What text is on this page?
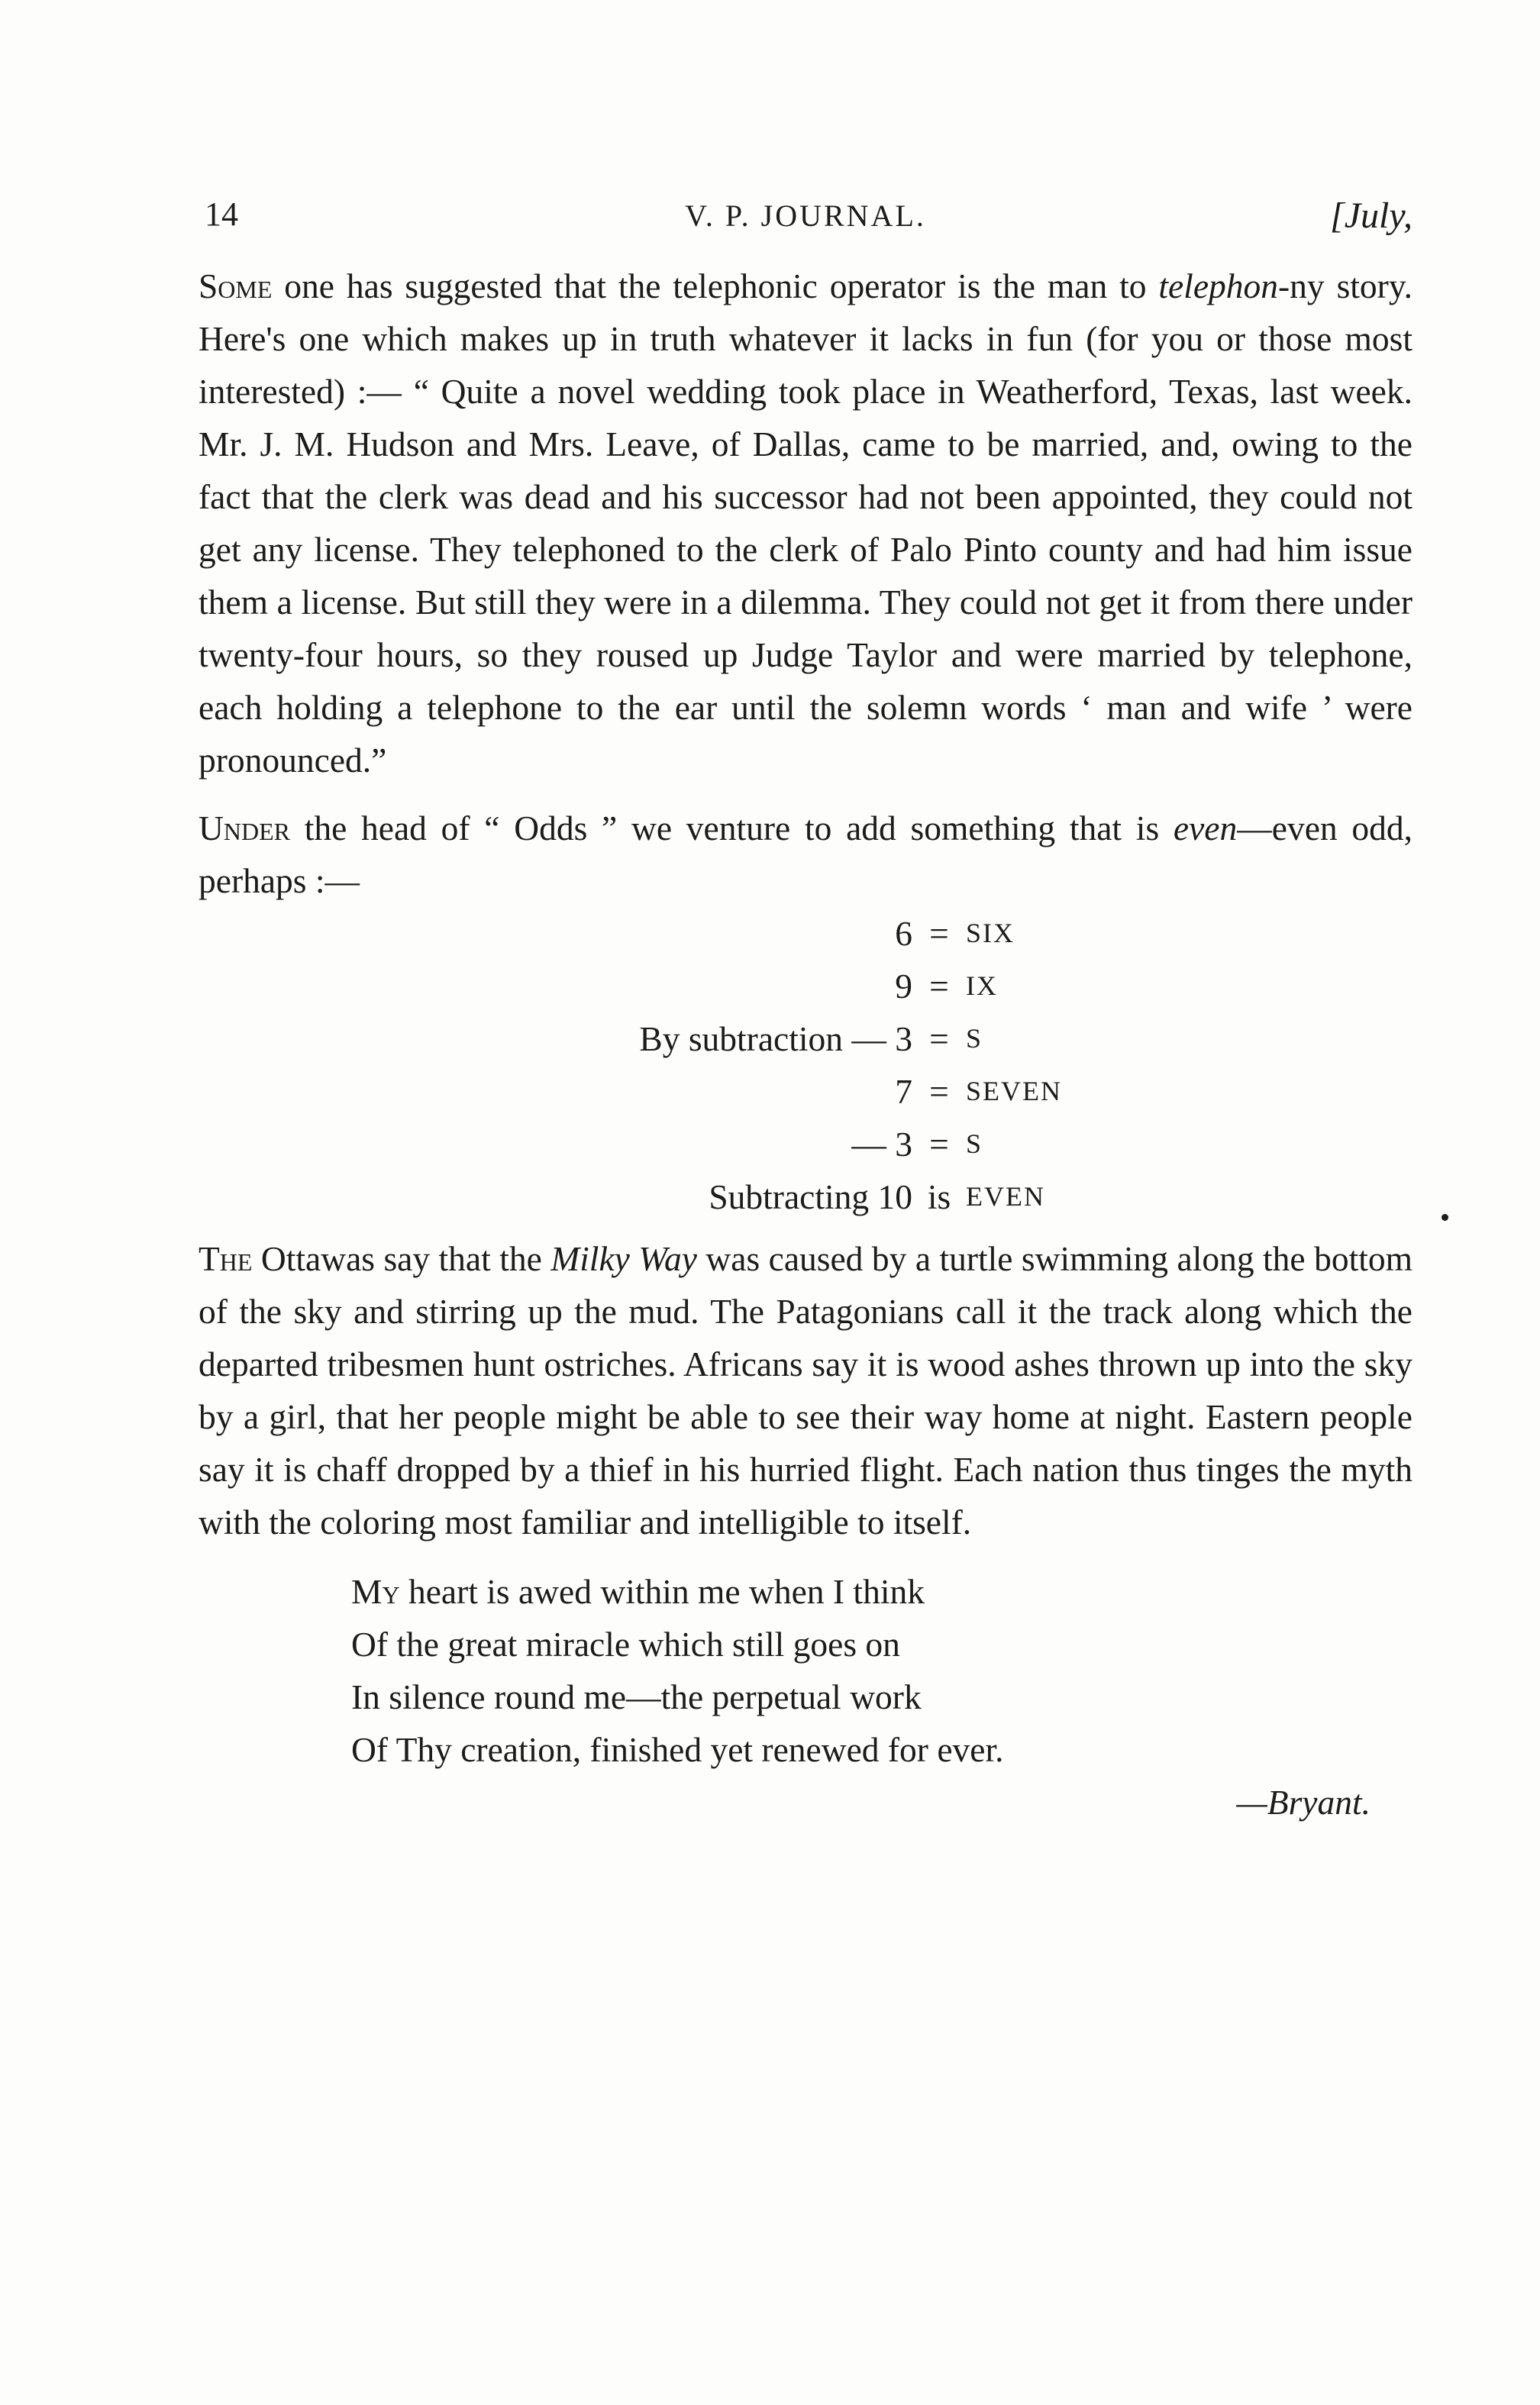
14	V. P. JOURNAL.	[July,

Some one has suggested that the telephonic operator is the man to telephon-ny story. Here's one which makes up in truth whatever it lacks in fun (for you or those most interested) :— “ Quite a novel wedding took place in Weatherford, Texas, last week. Mr. J. M. Hudson and Mrs. Leave, of Dallas, came to be married, and, owing to the fact that the clerk was dead and his successor had not been appointed, they could not get any license. They telephoned to the clerk of Palo Pinto county and had him issue them a license. But still they were in a dilemma. They could not get it from there under twenty-four hours, so they roused up Judge Taylor and were married by telephone, each holding a telephone to the ear until the solemn words ‘ man and wife ’ were pronounced.”

Under the head of “ Odds ” we venture to add something that is even—even odd, perhaps :—

6 = SIX
9 = IX
By subtraction — 3 = S
7 = SEVEN
— 3 = S
Subtracting 10 is EVEN

The Ottawas say that the Milky Way was caused by a turtle swimming along the bottom of the sky and stirring up the mud. The Patagonians call it the track along which the departed tribesmen hunt ostriches. Africans say it is wood ashes thrown up into the sky by a girl, that her people might be able to see their way home at night. Eastern people say it is chaff dropped by a thief in his hurried flight. Each nation thus tinges the myth with the coloring most familiar and intelligible to itself.

My heart is awed within me when I think
Of the great miracle which still goes on
In silence round me—the perpetual work
Of Thy creation, finished yet renewed for ever.
—Bryant.
